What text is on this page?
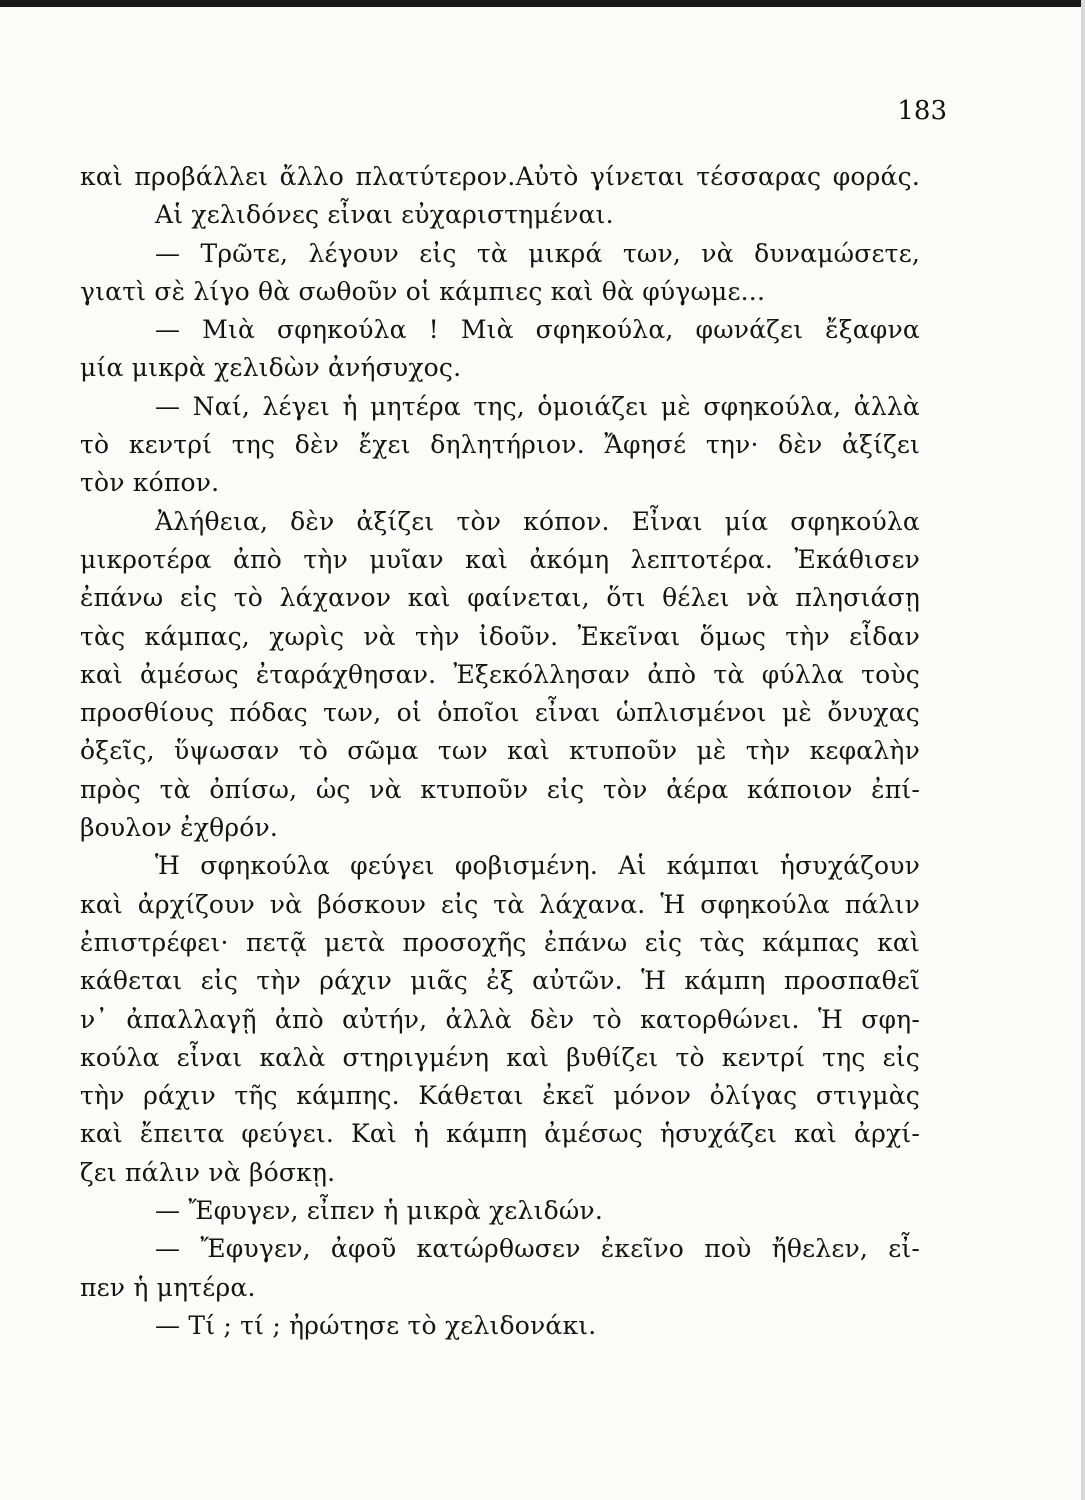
183
καὶ προβάλλει ἄλλο πλατύτερον.Αὐτὸ γίνεται τέσσαρας φοράς.
Αἱ χελιδόνες εἶναι εὐχαριστημέναι.
— Τρῶτε, λέγουν εἰς τὰ μικρά των, νὰ δυναμώσετε,
γιατὶ σὲ λίγο θὰ σωθοῦν οἱ κάμπιες καὶ θὰ φύγωμε...
— Μιὰ σφηκούλα ! Μιὰ σφηκούλα, φωνάζει ἔξαφνα
μία μικρὰ χελιδὼν ἀνήσυχος.
— Ναί, λέγει ἡ μητέρα της, ὁμοιάζει μὲ σφηκούλα, ἀλλὰ
τὸ κεντρί της δὲν ἔχει δηλητήριον. Ἄφησέ την· δὲν ἀξίζει
τὸν κόπον.
Ἀλήθεια, δὲν ἀξίζει τὸν κόπον. Εἶναι μία σφηκούλα
μικροτέρα ἀπὸ τὴν μυῖαν καὶ ἀκόμη λεπτοτέρα. Ἐκάθισεν
ἐπάνω εἰς τὸ λάχανον καὶ φαίνεται, ὅτι θέλει νὰ πλησιάσῃ
τὰς κάμπας, χωρὶς νὰ τὴν ἰδοῦν. Ἐκεῖναι ὅμως τὴν εἶδαν
καὶ ἀμέσως ἐταράχθησαν. Ἐξεκόλλησαν ἀπὸ τὰ φύλλα τοὺς
προσθίους πόδας των, οἱ ὁποῖοι εἶναι ὡπλισμένοι μὲ ὄνυχας
ὀξεῖς, ὕψωσαν τὸ σῶμα των καὶ κτυποῦν μὲ τὴν κεφαλὴν
πρὸς τὰ ὀπίσω, ὡς νὰ κτυποῦν εἰς τὸν ἀέρα κάποιον ἐπί-
βουλον ἐχθρόν.
Ἡ σφηκούλα φεύγει φοβισμένη. Αἱ κάμπαι ἡσυχάζουν
καὶ ἀρχίζουν νὰ βόσκουν εἰς τὰ λάχανα. Ἡ σφηκούλα πάλιν
ἐπιστρέφει· πετᾷ μετὰ προσοχῆς ἐπάνω εἰς τὰς κάμπας καὶ
κάθεται εἰς τὴν ράχιν μιᾶς ἐξ αὐτῶν. Ἡ κάμπη προσπαθεῖ
ν᾿ ἀπαλλαγῇ ἀπὸ αὐτήν, ἀλλὰ δὲν τὸ κατορθώνει. Ἡ σφη-
κούλα εἶναι καλὰ στηριγμένη καὶ βυθίζει τὸ κεντρί της εἰς
τὴν ράχιν τῆς κάμπης. Κάθεται ἐκεῖ μόνον ὀλίγας στιγμὰς
καὶ ἔπειτα φεύγει. Καὶ ἡ κάμπη ἀμέσως ἡσυχάζει καὶ ἀρχί-
ζει πάλιν νὰ βόσκῃ.
— Ἔφυγεν, εἶπεν ἡ μικρὰ χελιδών.
— Ἔφυγεν, ἀφοῦ κατώρθωσεν ἐκεῖνο ποὺ ἤθελεν, εἶ-
πεν ἡ μητέρα.
— Τί ; τί ; ἠρώτησε τὸ χελιδονάκι.
